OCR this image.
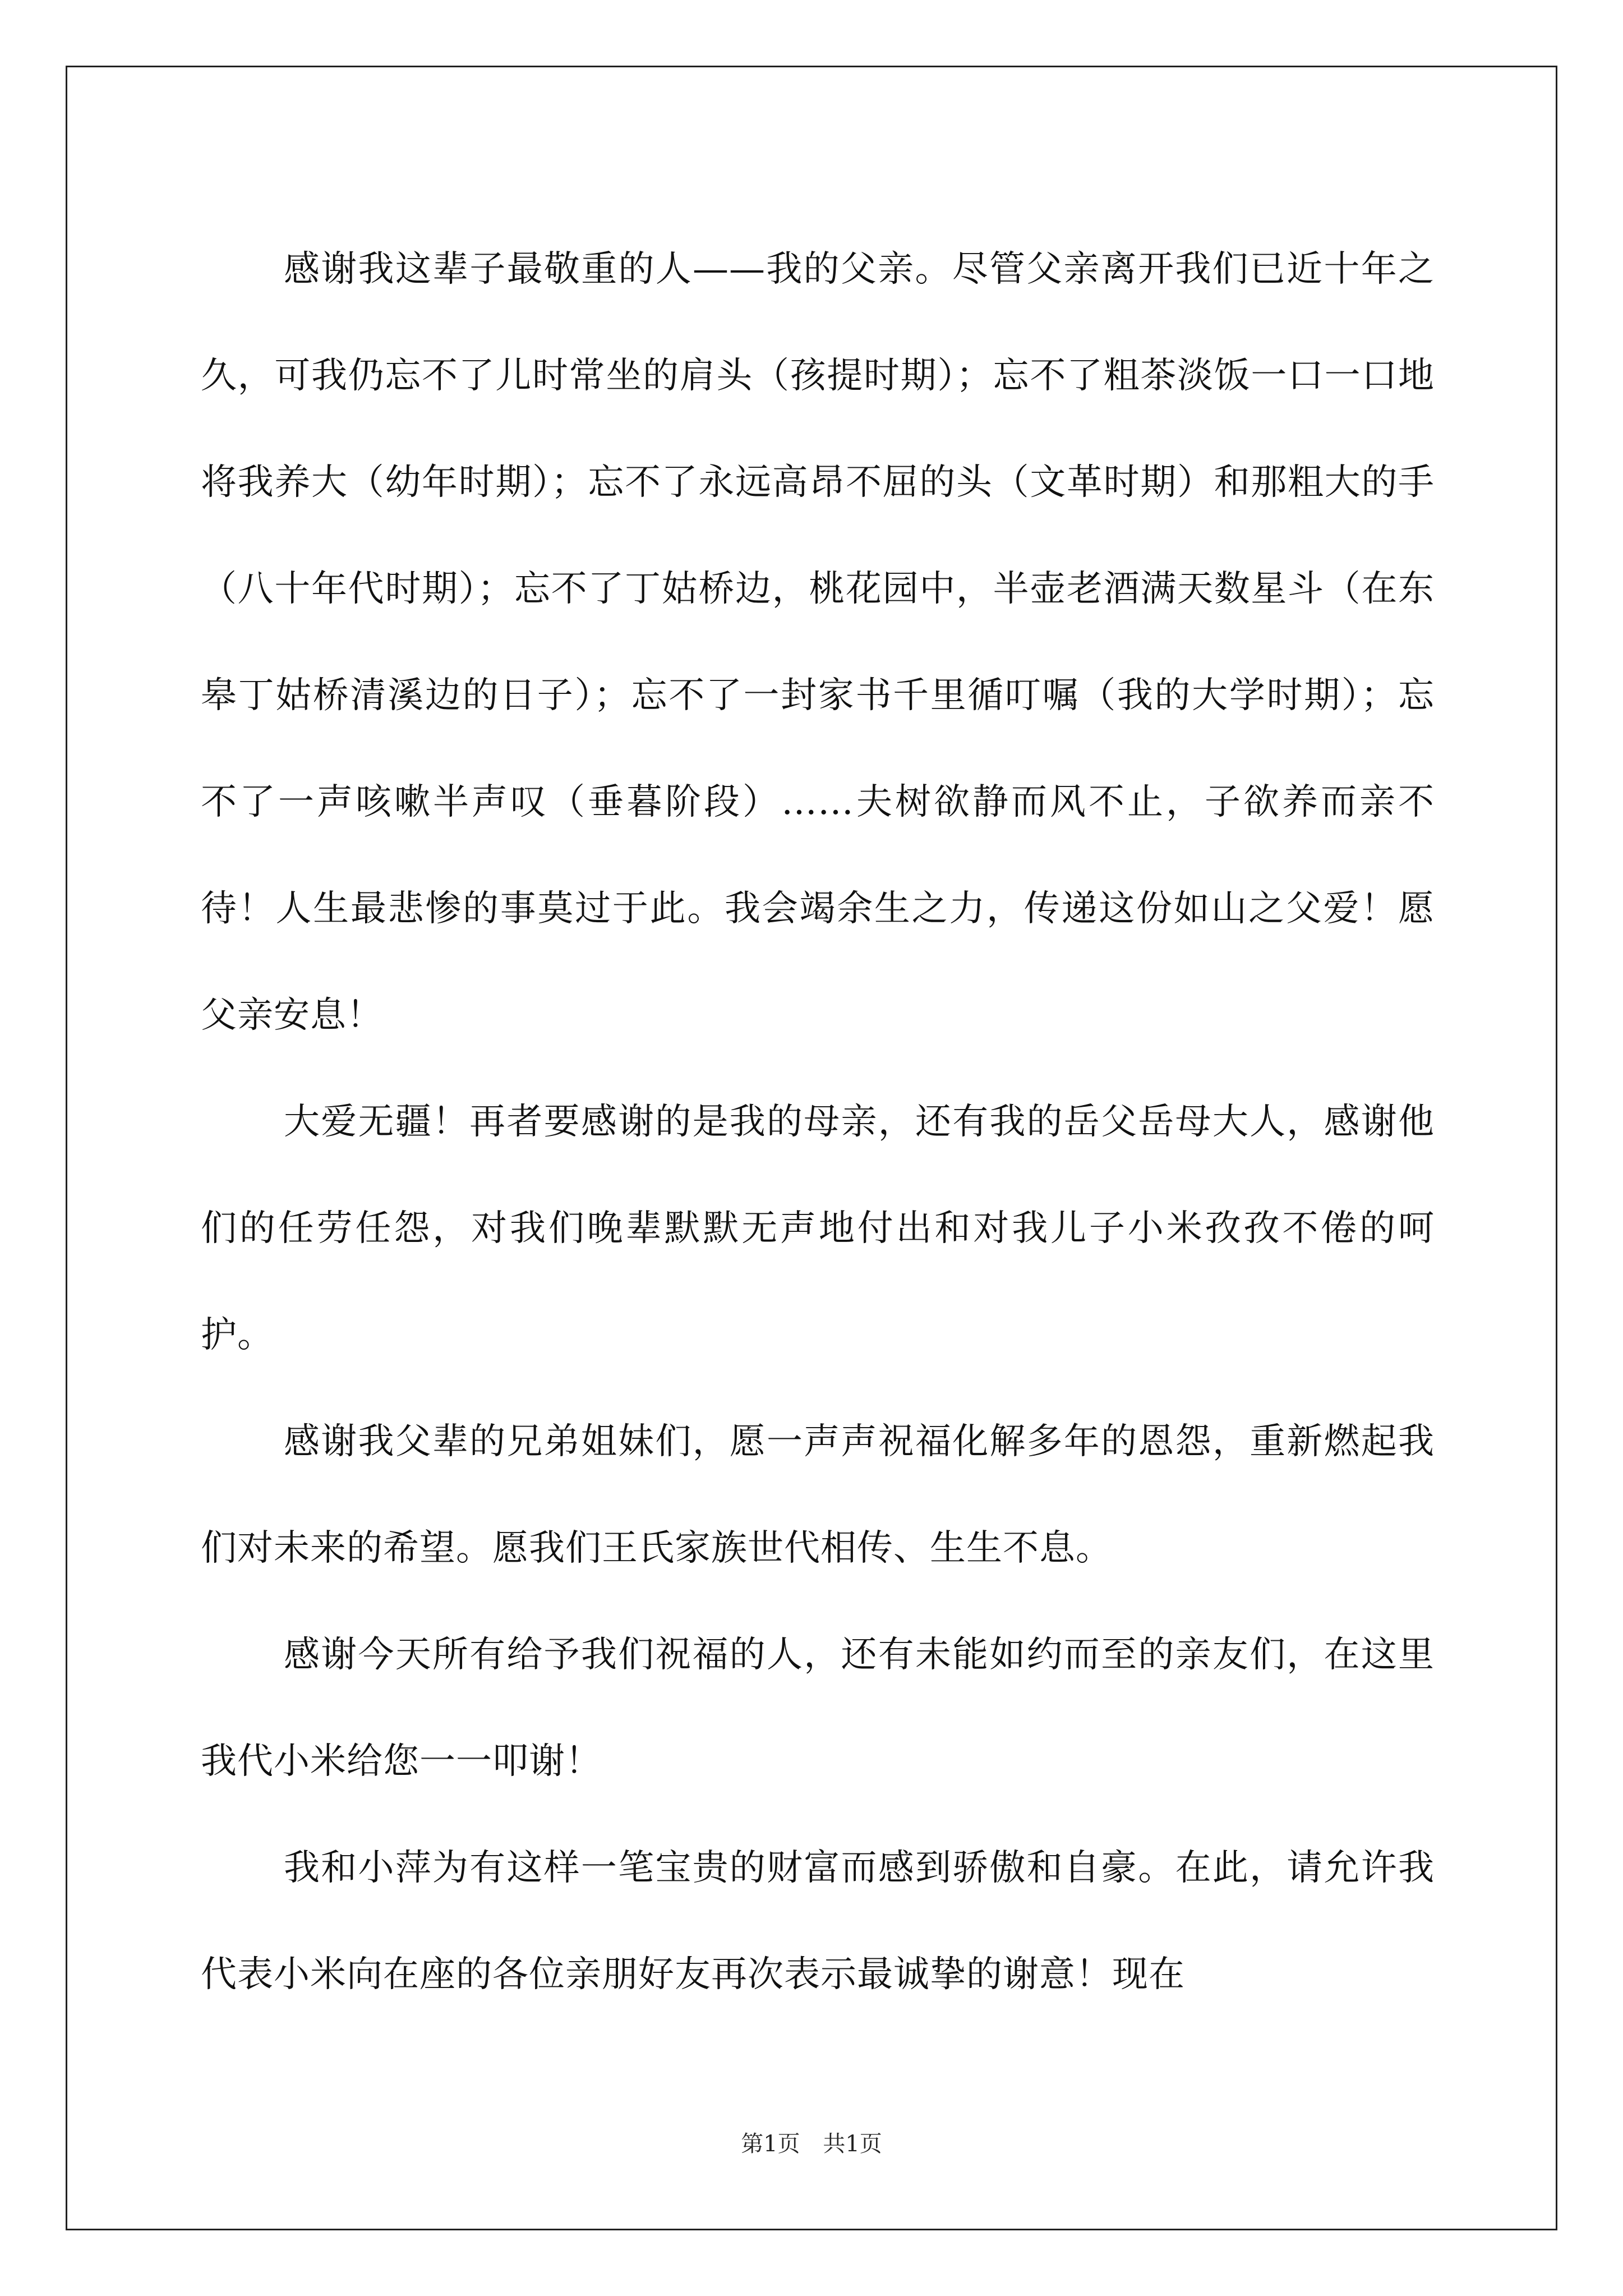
感谢我这辈子最敬重的人——我的父亲。尽管父亲离开我们已近十年之久，可我仍忘不了儿时常坐的肩头（孩提时期）；忘不了粗茶淡饭一口一口地将我养大（幼年时期）；忘不了永远高昂不屈的头（文革时期）和那粗大的手（八十年代时期）；忘不了丁姑桥边，桃花园中，半壶老酒满天数星斗（在东皋丁姑桥清溪边的日子）；忘不了一封家书千里循叮嘱（我的大学时期）；忘不了一声咳嗽半声叹（垂暮阶段）……夫树欲静而风不止，子欲养而亲不待！人生最悲惨的事莫过于此。我会竭余生之力，传递这份如山之父爱！愿父亲安息！

大爱无疆！再者要感谢的是我的母亲，还有我的岳父岳母大人，感谢他们的任劳任怨，对我们晚辈默默无声地付出和对我儿子小米孜孜不倦的呵护。

感谢我父辈的兄弟姐妹们，愿一声声祝福化解多年的恩怨，重新燃起我们对未来的希望。愿我们王氏家族世代相传、生生不息。

感谢今天所有给予我们祝福的人，还有未能如约而至的亲友们，在这里我代小米给您一一叩谢！

我和小萍为有这样一笔宝贵的财富而感到骄傲和自豪。在此，请允许我代表小米向在座的各位亲朋好友再次表示最诚挚的谢意！现在

第1页 共1页
